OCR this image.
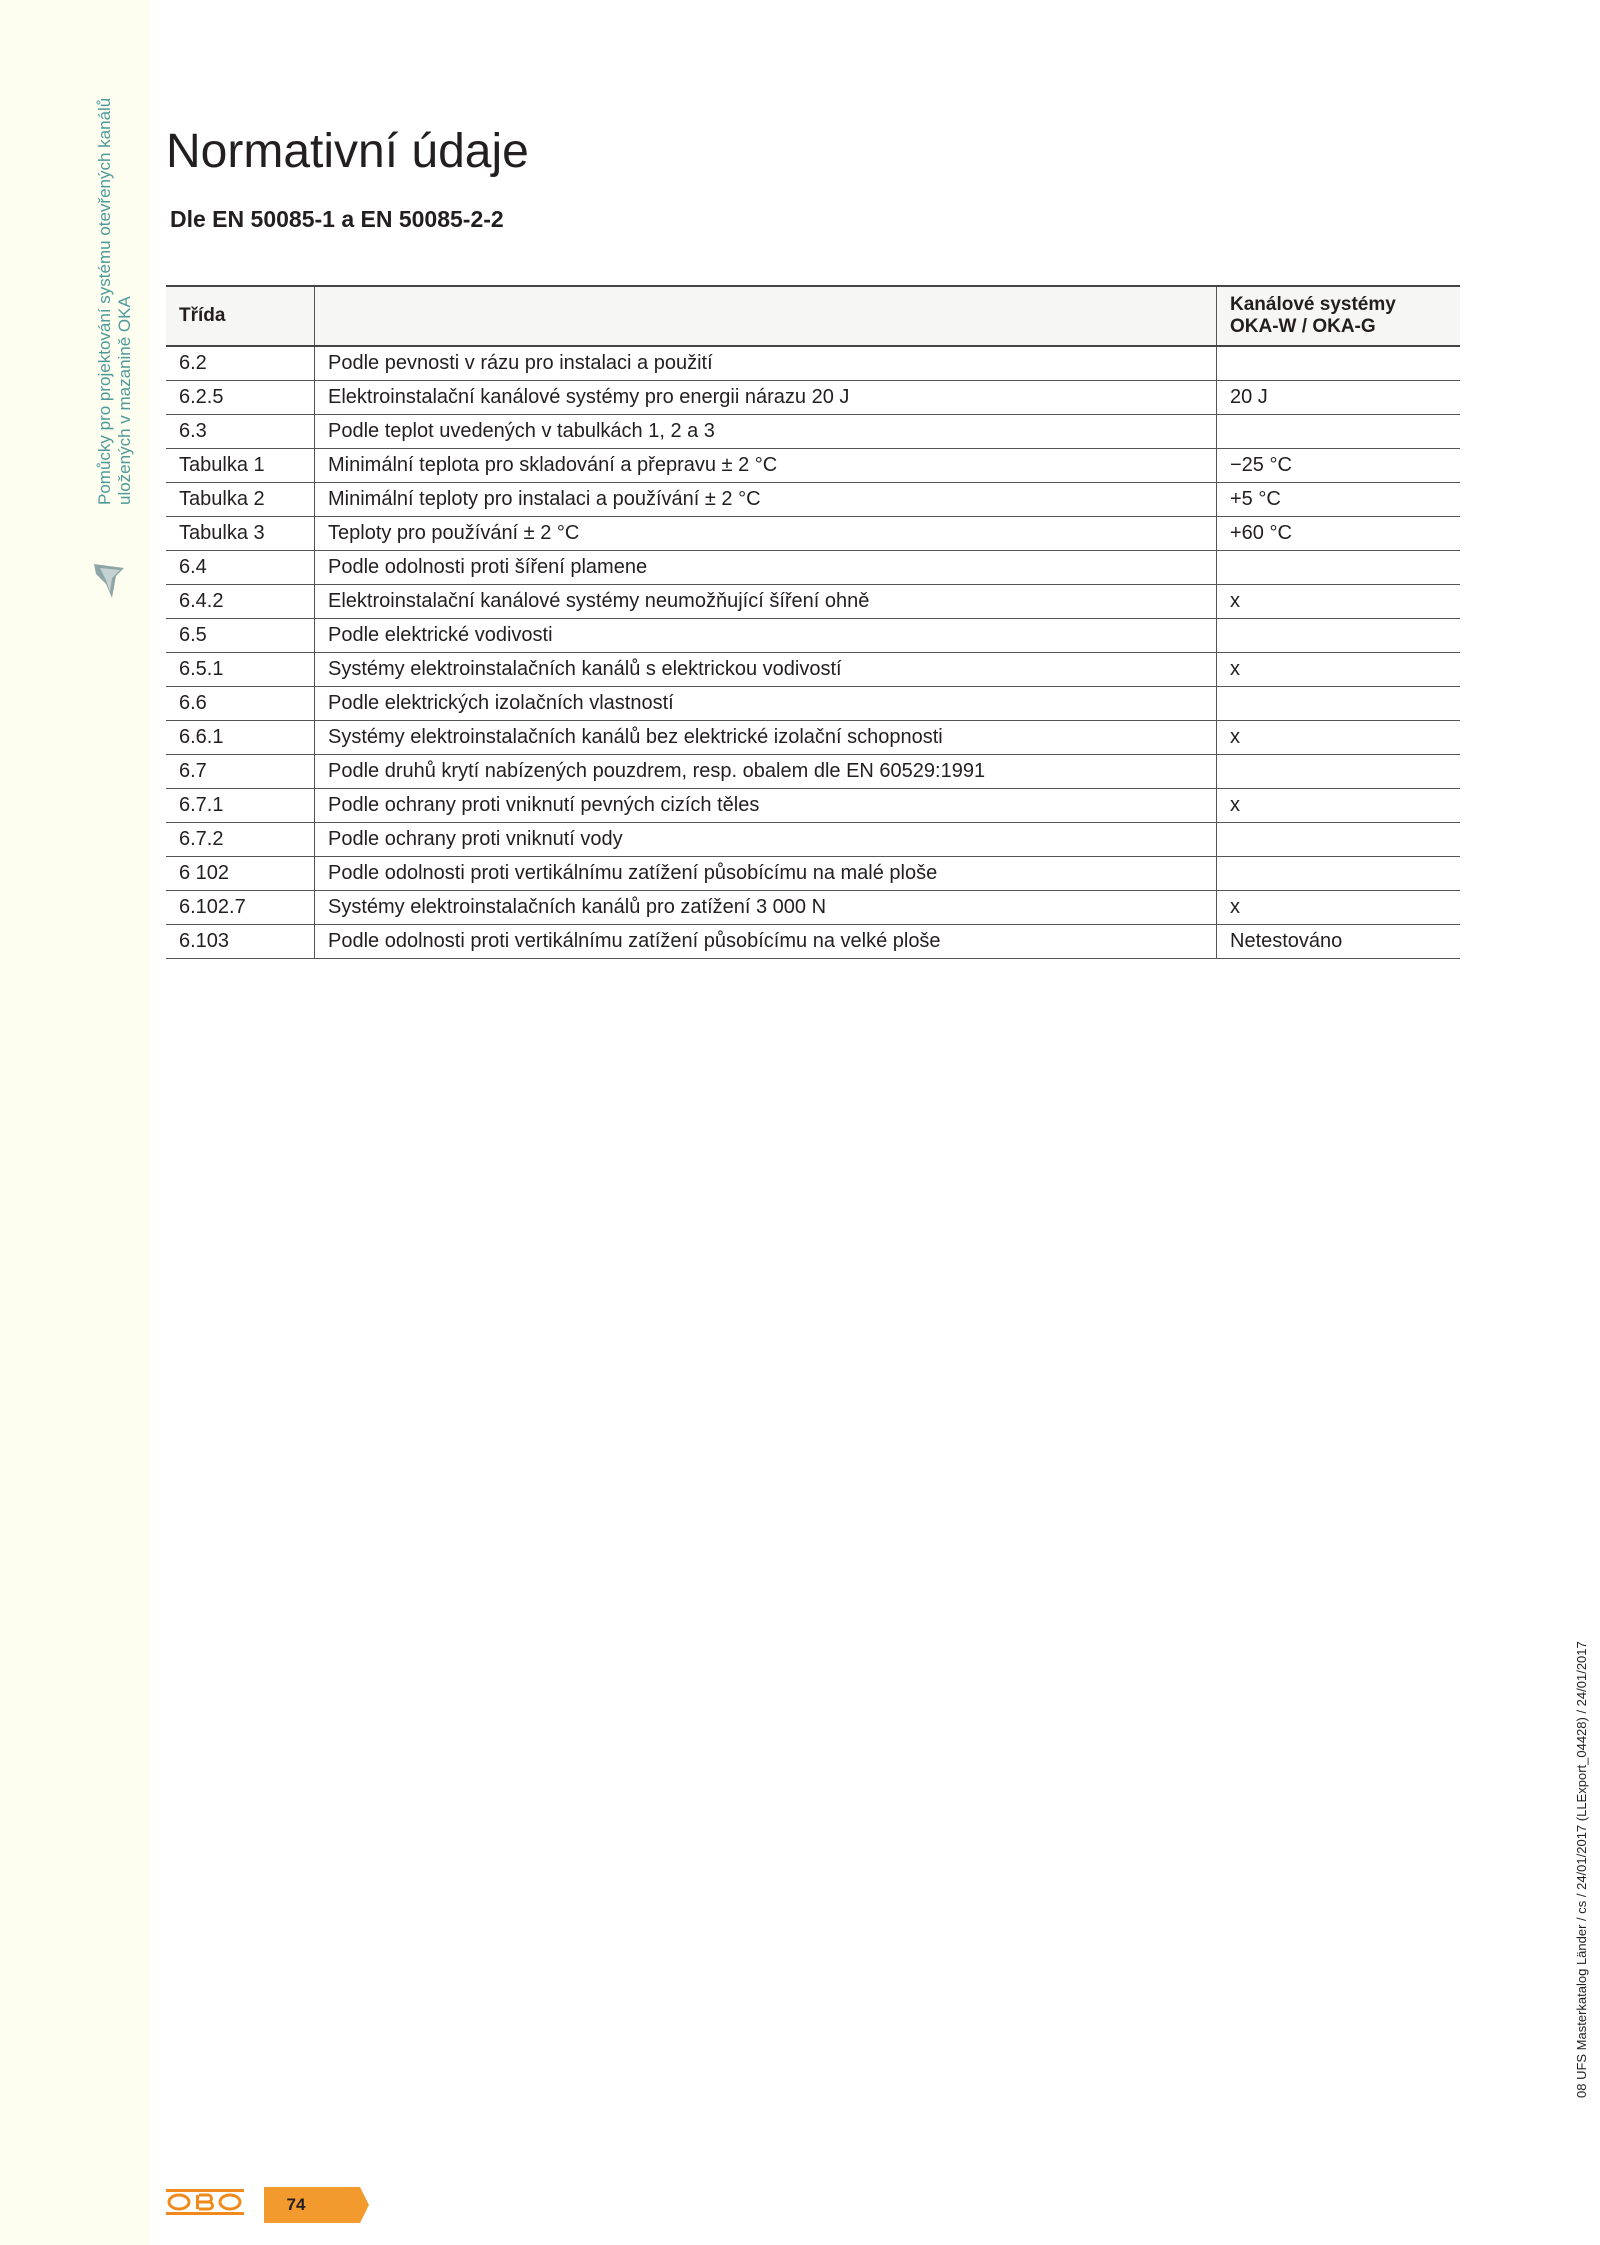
Pomůcky pro projektování systému otevřených kanálů uložených v mazanině OKA
Normativní údaje
Dle EN 50085-1 a EN 50085-2-2
Třída		Kanálové systémy
OKA-W / OKA-G

6.2	Podle pevnosti v rázu pro instalaci a použití	
6.2.5	Elektroinstalační kanálové systémy pro energii nárazu 20 J	20 J
6.3	Podle teplot uvedených v tabulkách 1, 2 a 3	
Tabulka 1	Minimální teplota pro skladování a přepravu ± 2 °C	−25 °C
Tabulka 2	Minimální teploty pro instalaci a používání ± 2 °C	+5 °C
Tabulka 3	Teploty pro používání ± 2 °C	+60 °C
6.4	Podle odolnosti proti šíření plamene	
6.4.2	Elektroinstalační kanálové systémy neumožňující šíření ohně	x
6.5	Podle elektrické vodivosti	
6.5.1	Systémy elektroinstalačních kanálů s elektrickou vodivostí	x
6.6	Podle elektrických izolačních vlastností	
6.6.1	Systémy elektroinstalačních kanálů bez elektrické izolační schopnosti	x
6.7	Podle druhů krytí nabízených pouzdrem, resp. obalem dle EN 60529:1991	
6.7.1	Podle ochrany proti vniknutí pevných cizích těles	x
6.7.2	Podle ochrany proti vniknutí vody	
6 102	Podle odolnosti proti vertikálnímu zatížení působícímu na malé ploše	
6.102.7	Systémy elektroinstalačních kanálů pro zatížení 3 000 N	x
6.103	Podle odolnosti proti vertikálnímu zatížení působícímu na velké ploše	Netestováno
08 UFS Masterkatalog Länder / cs / 24/01/2017 (LLExport_04428) / 24/01/2017
74
